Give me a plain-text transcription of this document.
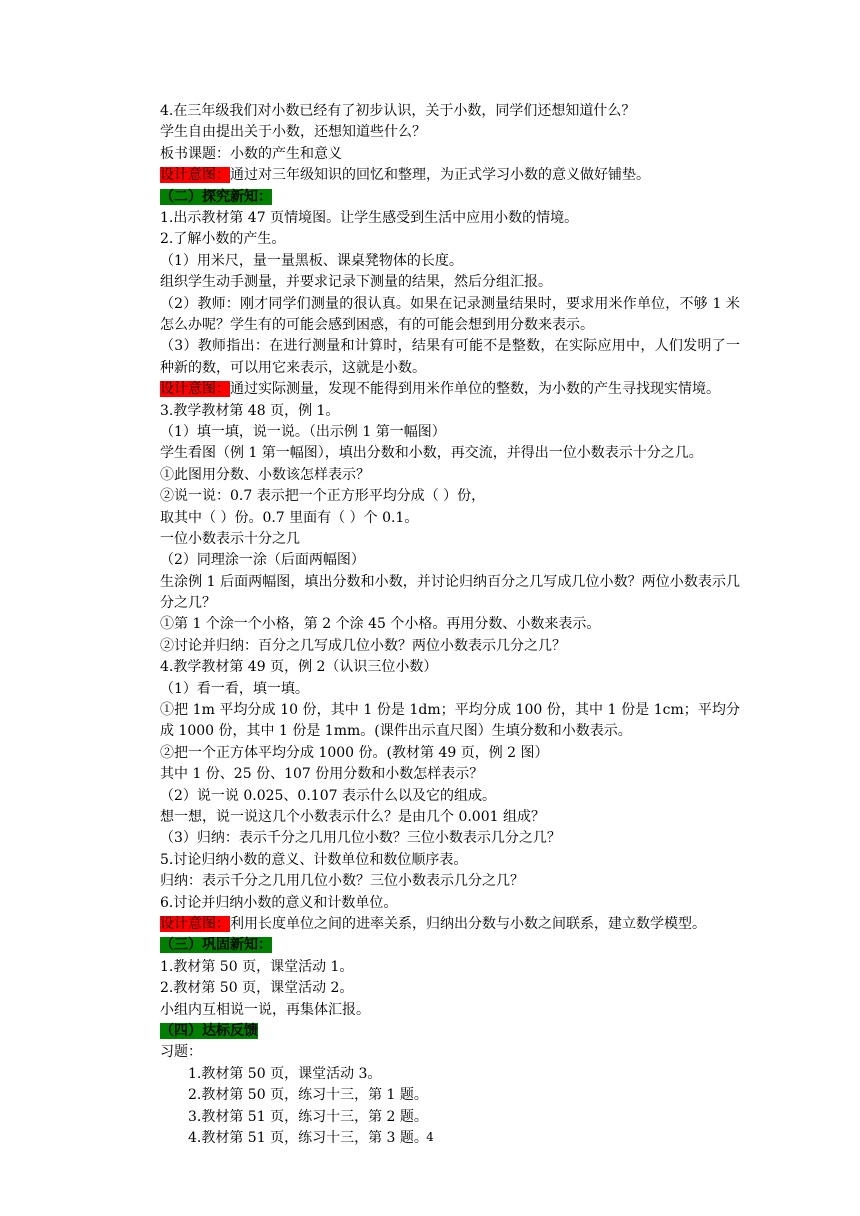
4.在三年级我们对小数已经有了初步认识，关于小数，同学们还想知道什么？
学生自由提出关于小数，还想知道些什么？
板书课题：小数的产生和意义
设计意图：通过对三年级知识的回忆和整理，为正式学习小数的意义做好铺垫。
（二）探究新知：
1.出示教材第 47 页情境图。让学生感受到生活中应用小数的情境。
2.了解小数的产生。
（1）用米尺，量一量黑板、课桌凳物体的长度。
组织学生动手测量，并要求记录下测量的结果，然后分组汇报。
（2）教师：刚才同学们测量的很认真。如果在记录测量结果时，要求用米作单位，不够 1 米怎么办呢？学生有的可能会感到困惑，有的可能会想到用分数来表示。
（3）教师指出：在进行测量和计算时，结果有可能不是整数，在实际应用中，人们发明了一种新的数，可以用它来表示，这就是小数。
设计意图：通过实际测量，发现不能得到用米作单位的整数，为小数的产生寻找现实情境。
3.教学教材第 48 页，例 1。
（1）填一填，说一说。（出示例 1 第一幅图）
学生看图（例 1 第一幅图），填出分数和小数，再交流，并得出一位小数表示十分之几。
①此图用分数、小数该怎样表示？
②说一说：0.7 表示把一个正方形平均分成（ ）份，
取其中（ ）份。0.7 里面有（ ）个 0.1。
一位小数表示十分之几
（2）同理涂一涂（后面两幅图）
生涂例 1 后面两幅图，填出分数和小数，并讨论归纳百分之几写成几位小数？两位小数表示几分之几？
①第 1 个涂一个小格，第 2 个涂 45 个小格。再用分数、小数来表示。
②讨论并归纳：百分之几写成几位小数？两位小数表示几分之几？
4.教学教材第 49 页，例 2（认识三位小数）
（1）看一看，填一填。
①把 1m 平均分成 10 份，其中 1 份是 1dm；平均分成 100 份，其中 1 份是 1cm；平均分成 1000 份，其中 1 份是 1mm。(课件出示直尺图）生填分数和小数表示。
②把一个正方体平均分成 1000 份。(教材第 49 页，例 2 图）
其中 1 份、25 份、107 份用分数和小数怎样表示？
（2）说一说 0.025、0.107 表示什么以及它的组成。
想一想，说一说这几个小数表示什么？是由几个 0.001 组成？
（3）归纳：表示千分之几用几位小数？三位小数表示几分之几？
5.讨论归纳小数的意义、计数单位和数位顺序表。
归纳：表示千分之几用几位小数？三位小数表示几分之几？
6.讨论并归纳小数的意义和计数单位。
设计意图：利用长度单位之间的进率关系，归纳出分数与小数之间联系，建立数学模型。
（三）巩固新知：
1.教材第 50 页，课堂活动 1。
2.教材第 50 页，课堂活动 2。
小组内互相说一说，再集体汇报。
（四）达标反馈
习题：
1.教材第 50 页，课堂活动 3。
2.教材第 50 页，练习十三，第 1 题。
3.教材第 51 页，练习十三，第 2 题。
4.教材第 51 页，练习十三，第 3 题。
4
